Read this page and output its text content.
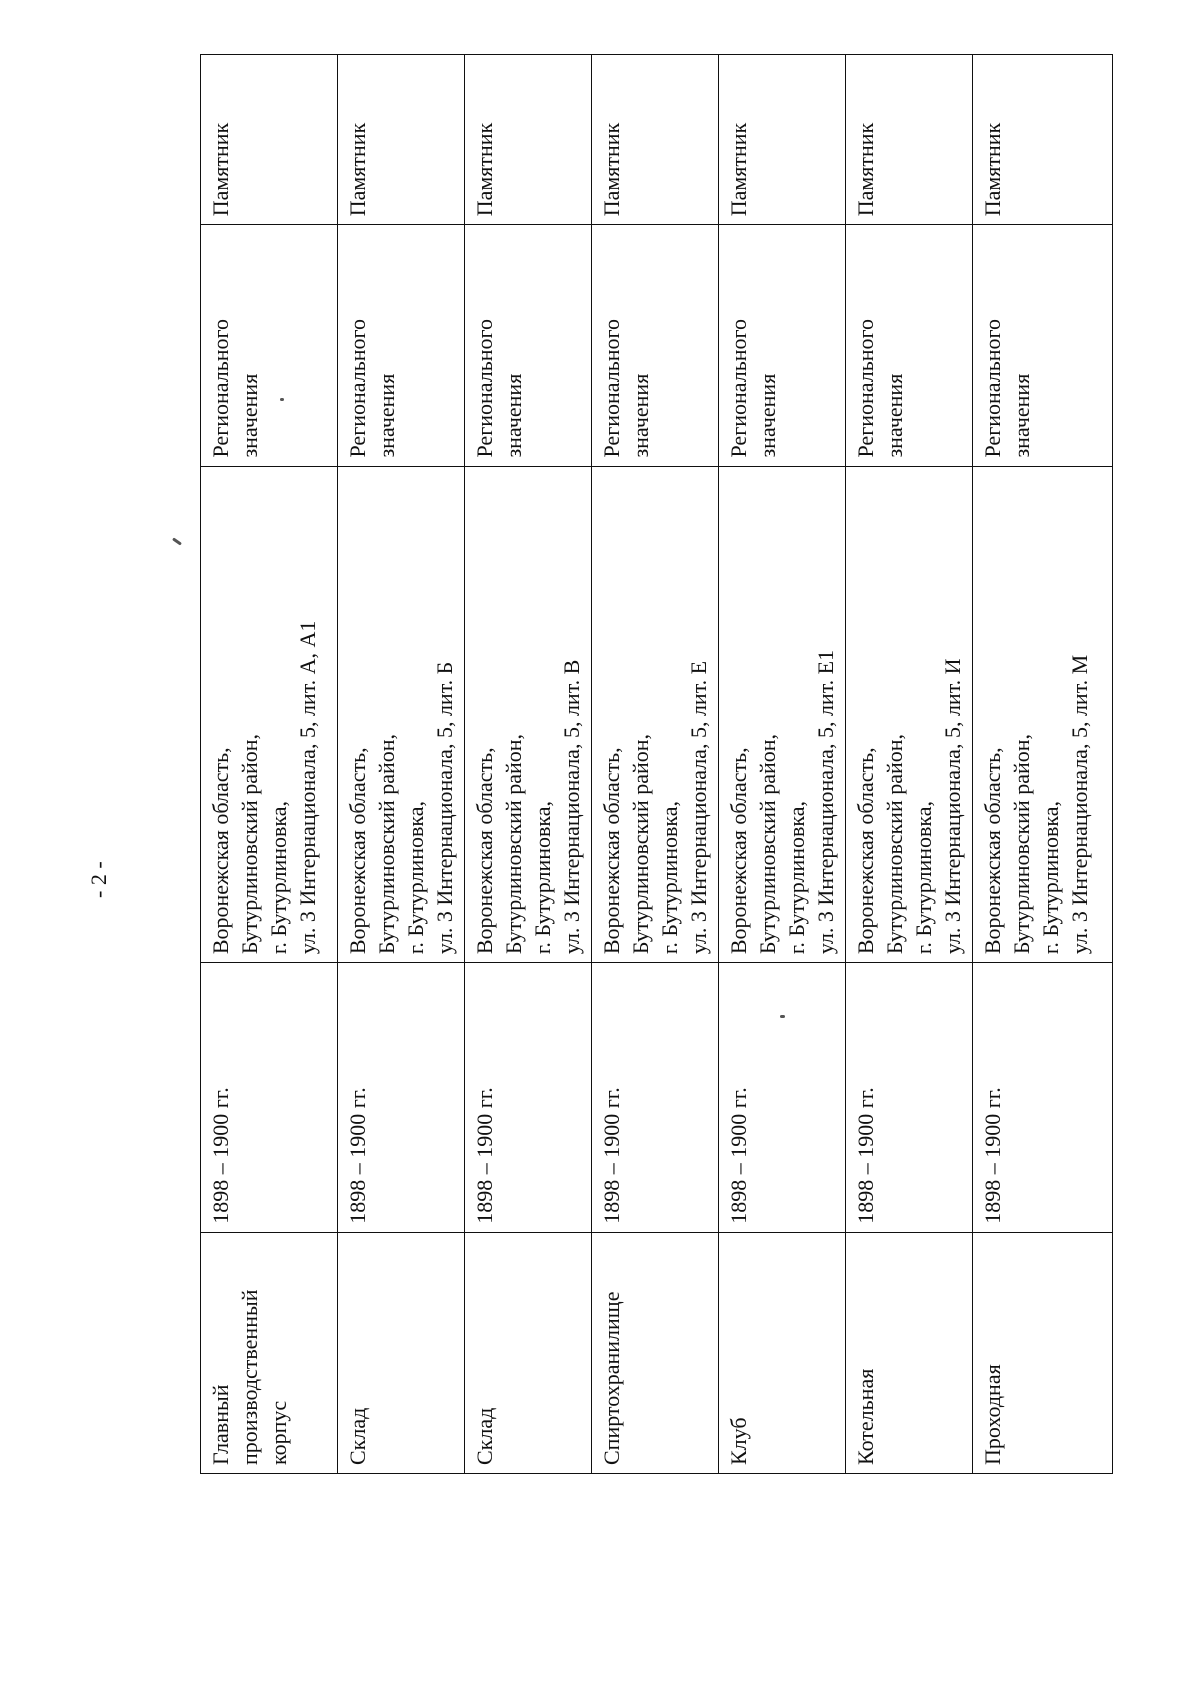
- 2 -
Главный производственный корпус	1898 – 1900 гг.	Воронежская область, Бутурлиновский район, г. Бутурлиновка, ул. 3 Интернационала, 5, лит. А, А1	Регионального значения	Памятник
Склад	1898 – 1900 гг.	Воронежская область, Бутурлиновский район, г. Бутурлиновка, ул. 3 Интернационала, 5, лит. Б	Регионального значения	Памятник
Склад	1898 – 1900 гг.	Воронежская область, Бутурлиновский район, г. Бутурлиновка, ул. 3 Интернационала, 5, лит. В	Регионального значения	Памятник
Спиртохранилище	1898 – 1900 гг.	Воронежская область, Бутурлиновский район, г. Бутурлиновка, ул. 3 Интернационала, 5, лит. Е	Регионального значения	Памятник
Клуб	1898 – 1900 гг.	Воронежская область, Бутурлиновский район, г. Бутурлиновка, ул. 3 Интернационала, 5, лит. Е1	Регионального значения	Памятник
Котельная	1898 – 1900 гг.	Воронежская область, Бутурлиновский район, г. Бутурлиновка, ул. 3 Интернационала, 5, лит. И	Регионального значения	Памятник
Проходная	1898 – 1900 гг.	Воронежская область, Бутурлиновский район, г. Бутурлиновка, ул. 3 Интернационала, 5, лит. М	Регионального значения	Памятник
